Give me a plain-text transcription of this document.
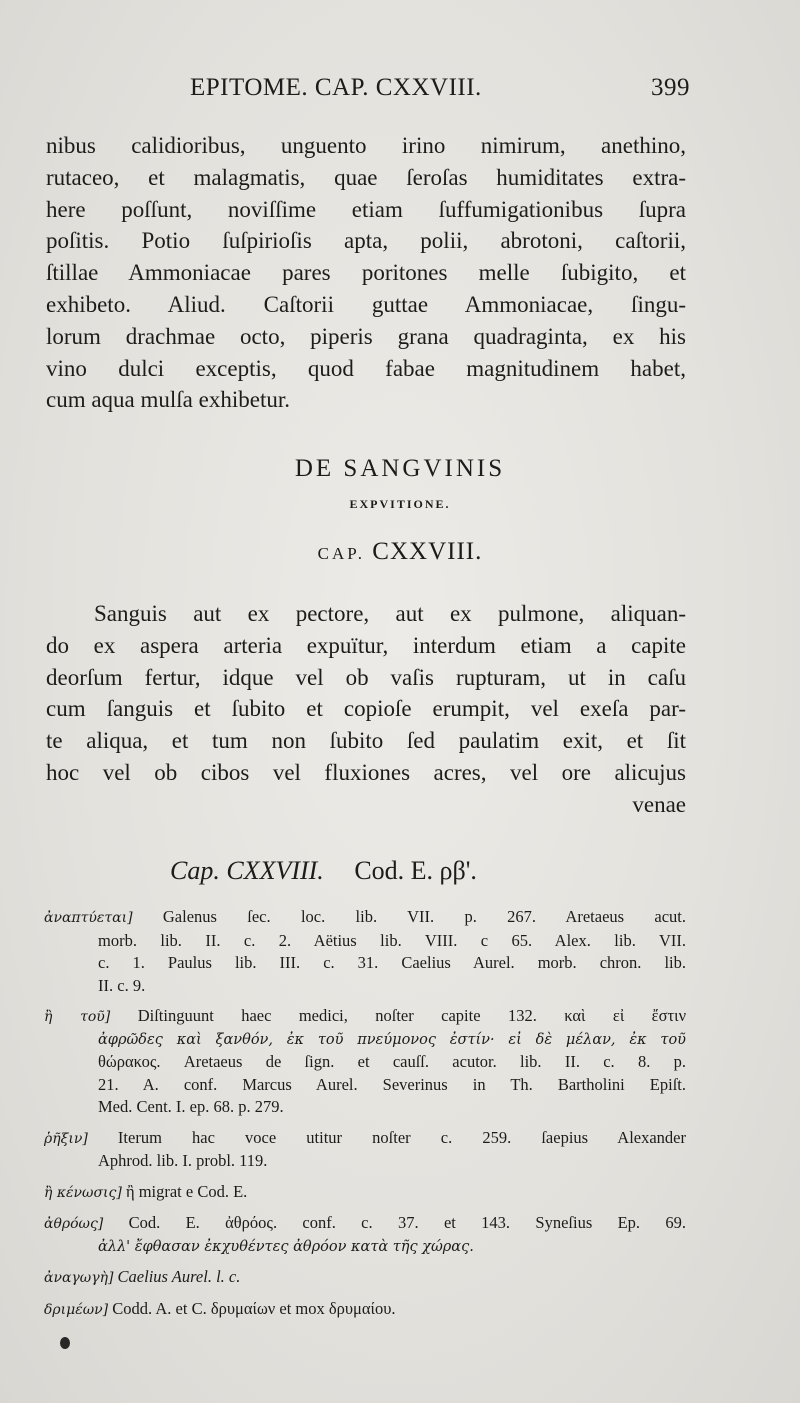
EPITOME. CAP. CXXVIII.	399
nibus calidioribus, unguento irino nimirum, anethino,
rutaceo, et malagmatis, quae ſeroſas humiditates extra-
here poſſunt, noviſſime etiam ſuffumigationibus ſupra
poſitis. Potio ſuſpirioſis apta, polii, abrotoni, caſtorii,
ſtillae Ammoniacae pares poritones melle ſubigito, et
exhibeto. Aliud. Caſtorii guttae Ammoniacae, ſingu-
lorum drachmae octo, piperis grana quadraginta, ex his
vino dulci exceptis, quod fabae magnitudinem habet,
cum aqua mulſa exhibetur.
DE SANGVINIS
EXPVITIONE.
CAP. CXXVIII.
Sanguis aut ex pectore, aut ex pulmone, aliquan-
do ex aspera arteria expuïtur, interdum etiam a capite
deorſum fertur, idque vel ob vaſis rupturam, ut in caſu
cum ſanguis et ſubito et copioſe erumpit, vel exeſa par-
te aliqua, et tum non ſubito ſed paulatim exit, et ſit
hoc vel ob cibos vel fluxiones acres, vel ore alicujus
venae
Cap. CXXVIII. Cod. E. ρβ'.
ἀναπτύεται] Galenus ſec. loc. lib. VII. p. 267. Aretaeus acut.
morb. lib. II. c. 2. Aëtius lib. VIII. c 65. Alex. lib. VII.
c. 1. Paulus lib. III. c. 31. Caelius Aurel. morb. chron. lib.
II. c. 9.
ἢ τοῦ] Diſtinguunt haec medici, noſter capite 132. καὶ εἰ ἔστιν
ἀφρῶδες καὶ ξανθόν, ἐκ τοῦ πνεύμονος ἐστίν· εἰ δὲ μέλαν, ἐκ τοῦ
θώρακος. Aretaeus de ſign. et cauſſ. acutor. lib. II. c. 8. p.
21. A. conf. Marcus Aurel. Severinus in Th. Bartholini Epiſt.
Med. Cent. I. ep. 68. p. 279.
ῥῆξιν] Iterum hac voce utitur noſter c. 259. ſaepius Alexander
Aphrod. lib. I. probl. 119.
ἢ κένωσις] ἢ migrat e Cod. E.
ἀθρόως] Cod. E. ἀθρόος. conf. c. 37. et 143. Syneſius Ep. 69.
ἀλλ' ἔφθασαν ἐκχυθέντες ἀθρόον κατὰ τῆς χώρας.
ἀναγωγὴ] Caelius Aurel. l. c.
δριμέων] Codd. A. et C. δρυμαίων et mox δρυμαίου.
